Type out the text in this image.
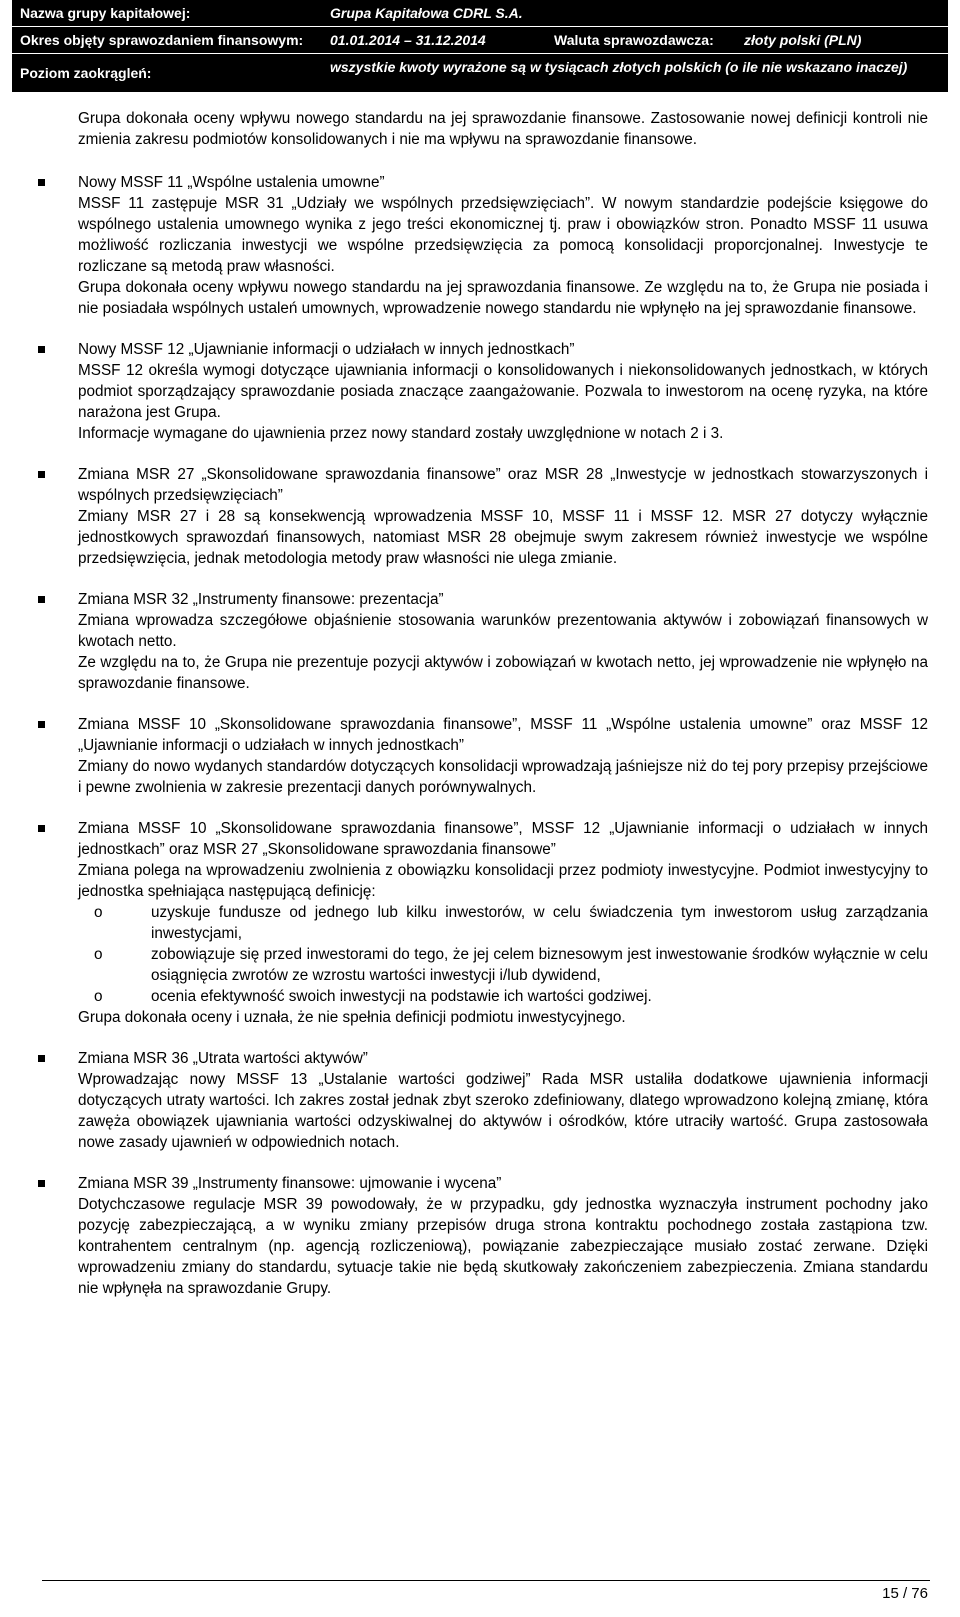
Nazwa grupy kapitałowej:	Grupa Kapitałowa CDRL S.A.
Okres objęty sprawozdaniem finansowym: 01.01.2014 – 31.12.2014	Waluta sprawozdawcza: złoty polski (PLN)
Poziom zaokrągleń:	wszystkie kwoty wyrażone są w tysiącach złotych polskich (o ile nie wskazano inaczej)

Grupa dokonała oceny wpływu nowego standardu na jej sprawozdanie finansowe. Zastosowanie nowej definicji kontroli nie zmienia zakresu podmiotów konsolidowanych i nie ma wpływu na sprawozdanie finansowe.

Nowy MSSF 11 „Wspólne ustalenia umowne”

MSSF 11 zastępuje MSR 31 „Udziały we wspólnych przedsięwzięciach”. W nowym standardzie podejście księgowe do wspólnego ustalenia umownego wynika z jego treści ekonomicznej tj. praw i obowiązków stron. Ponadto MSSF 11 usuwa możliwość rozliczania inwestycji we wspólne przedsięwzięcia za pomocą konsolidacji proporcjonalnej. Inwestycje te rozliczane są metodą praw własności.

Grupa dokonała oceny wpływu nowego standardu na jej sprawozdania finansowe. Ze względu na to, że Grupa nie posiada i nie posiadała wspólnych ustaleń umownych, wprowadzenie nowego standardu nie wpłynęło na jej sprawozdanie finansowe.

Nowy MSSF 12 „Ujawnianie informacji o udziałach w innych jednostkach”

MSSF 12 określa wymogi dotyczące ujawniania informacji o konsolidowanych i niekonsolidowanych jednostkach, w których podmiot sporządzający sprawozdanie posiada znaczące zaangażowanie. Pozwala to inwestorom na ocenę ryzyka, na które narażona jest Grupa.

Informacje wymagane do ujawnienia przez nowy standard zostały uwzględnione w notach 2 i 3.

Zmiana MSR 27 „Skonsolidowane sprawozdania finansowe” oraz MSR 28 „Inwestycje w jednostkach stowarzyszonych i wspólnych przedsięwzięciach”

Zmiany MSR 27 i 28 są konsekwencją wprowadzenia MSSF 10, MSSF 11 i MSSF 12. MSR 27 dotyczy wyłącznie jednostkowych sprawozdań finansowych, natomiast MSR 28 obejmuje swym zakresem również inwestycje we wspólne przedsięwzięcia, jednak metodologia metody praw własności nie ulega zmianie.

Zmiana MSR 32 „Instrumenty finansowe: prezentacja”

Zmiana wprowadza szczegółowe objaśnienie stosowania warunków prezentowania aktywów i zobowiązań finansowych w kwotach netto.

Ze względu na to, że Grupa nie prezentuje pozycji aktywów i zobowiązań w kwotach netto, jej wprowadzenie nie wpłynęło na sprawozdanie finansowe.

Zmiana MSSF 10 „Skonsolidowane sprawozdania finansowe”, MSSF 11 „Wspólne ustalenia umowne” oraz MSSF 12 „Ujawnianie informacji o udziałach w innych jednostkach”

Zmiany do nowo wydanych standardów dotyczących konsolidacji wprowadzają jaśniejsze niż do tej pory przepisy przejściowe i pewne zwolnienia w zakresie prezentacji danych porównywalnych.

Zmiana MSSF 10 „Skonsolidowane sprawozdania finansowe”, MSSF 12 „Ujawnianie informacji o udziałach w innych jednostkach” oraz MSR 27 „Skonsolidowane sprawozdania finansowe”

Zmiana polega na wprowadzeniu zwolnienia z obowiązku konsolidacji przez podmioty inwestycyjne. Podmiot inwestycyjny to jednostka spełniająca następującą definicję:

o	uzyskuje fundusze od jednego lub kilku inwestorów, w celu świadczenia tym inwestorom usług zarządzania inwestycjami,

o	zobowiązuje się przed inwestorami do tego, że jej celem biznesowym jest inwestowanie środków wyłącznie w celu osiągnięcia zwrotów ze wzrostu wartości inwestycji i/lub dywidend,

o	ocenia efektywność swoich inwestycji na podstawie ich wartości godziwej.

Grupa dokonała oceny i uznała, że nie spełnia definicji podmiotu inwestycyjnego.

Zmiana MSR 36 „Utrata wartości aktywów”

Wprowadzając nowy MSSF 13 „Ustalanie wartości godziwej” Rada MSR ustaliła dodatkowe ujawnienia informacji dotyczących utraty wartości. Ich zakres został jednak zbyt szeroko zdefiniowany, dlatego wprowadzono kolejną zmianę, która zawęża obowiązek ujawniania wartości odzyskiwalnej do aktywów i ośrodków, które utraciły wartość. Grupa zastosowała nowe zasady ujawnień w odpowiednich notach.

Zmiana MSR 39 „Instrumenty finansowe: ujmowanie i wycena”

Dotychczasowe regulacje MSR 39 powodowały, że w przypadku, gdy jednostka wyznaczyła instrument pochodny jako pozycję zabezpieczającą, a w wyniku zmiany przepisów druga strona kontraktu pochodnego została zastąpiona tzw. kontrahentem centralnym (np. agencją rozliczeniową), powiązanie zabezpieczające musiało zostać zerwane. Dzięki wprowadzeniu zmiany do standardu, sytuacje takie nie będą skutkowały zakończeniem zabezpieczenia. Zmiana standardu nie wpłynęła na sprawozdanie Grupy.

15 / 76
